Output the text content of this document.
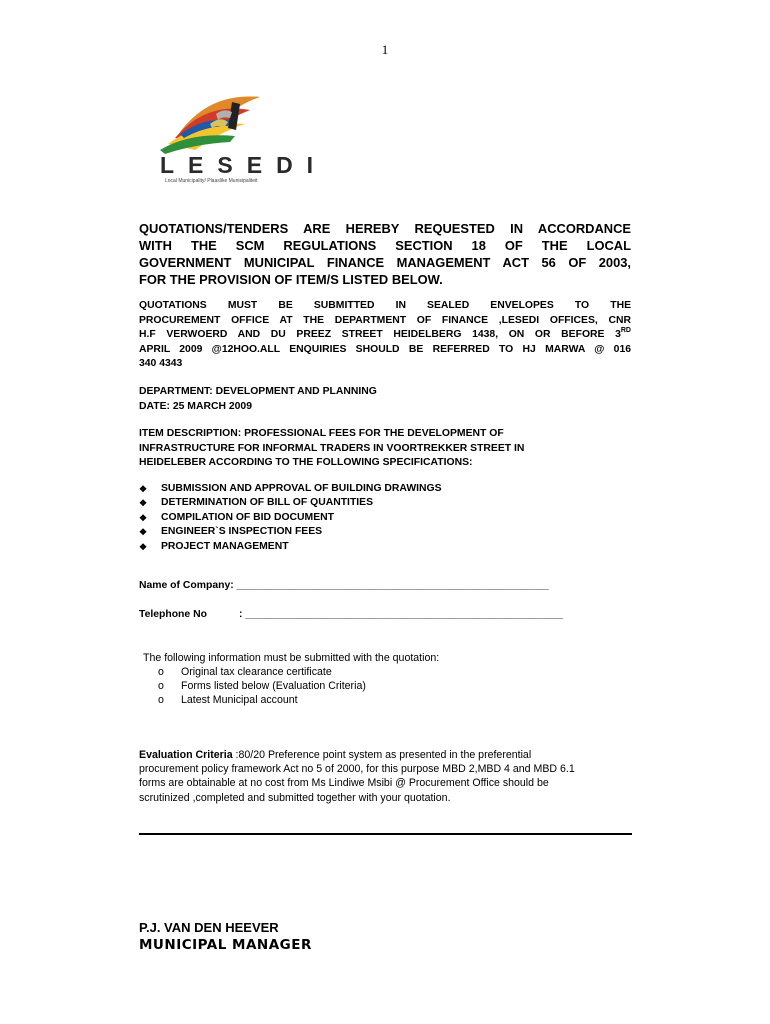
1
LESEDI
Local Municipality/ Plaaslike Munisipaliteit
QUOTATIONS/TENDERS ARE HEREBY REQUESTED IN ACCORDANCE
WITH THE SCM REGULATIONS SECTION 18 OF THE LOCAL
GOVERNMENT MUNICIPAL FINANCE MANAGEMENT ACT 56 OF 2003,
FOR THE PROVISION OF ITEM/S LISTED BELOW.
QUOTATIONS MUST BE SUBMITTED IN SEALED ENVELOPES TO THE
PROCUREMENT OFFICE AT THE DEPARTMENT OF FINANCE ,LESEDI OFFICES, CNR
H.F VERWOERD AND DU PREEZ STREET HEIDELBERG 1438, ON OR BEFORE 3RD
APRIL 2009 @12HOO.ALL ENQUIRIES SHOULD BE REFERRED TO HJ MARWA @ 016
340 4343
DEPARTMENT: DEVELOPMENT AND PLANNING
DATE: 25 MARCH 2009
ITEM DESCRIPTION: PROFESSIONAL FEES FOR THE DEVELOPMENT OF
INFRASTRUCTURE FOR INFORMAL TRADERS IN VOORTREKKER STREET IN
HEIDELEBER ACCORDING TO THE FOLLOWING SPECIFICATIONS:
❖	SUBMISSION AND APPROVAL OF BUILDING DRAWINGS
❖	DETERMINATION OF BILL OF QUANTITIES
❖	COMPILATION OF BID DOCUMENT
❖	ENGINEER`S INSPECTION FEES
❖	PROJECT MANAGEMENT
Name of Company: ______________________________________________________
Telephone No	: _______________________________________________________
The following information must be submitted with the quotation:
o	Original tax clearance certificate
o	Forms listed below (Evaluation Criteria)
o	Latest Municipal account
Evaluation Criteria :80/20 Preference point system as presented in the preferential
procurement policy framework Act no 5 of 2000, for this purpose MBD 2,MBD 4 and MBD 6.1
forms are obtainable at no cost from Ms Lindiwe Msibi @ Procurement Office should be
scrutinized ,completed and submitted together with your quotation.
P.J. VAN DEN HEEVER
MUNICIPAL MANAGER
